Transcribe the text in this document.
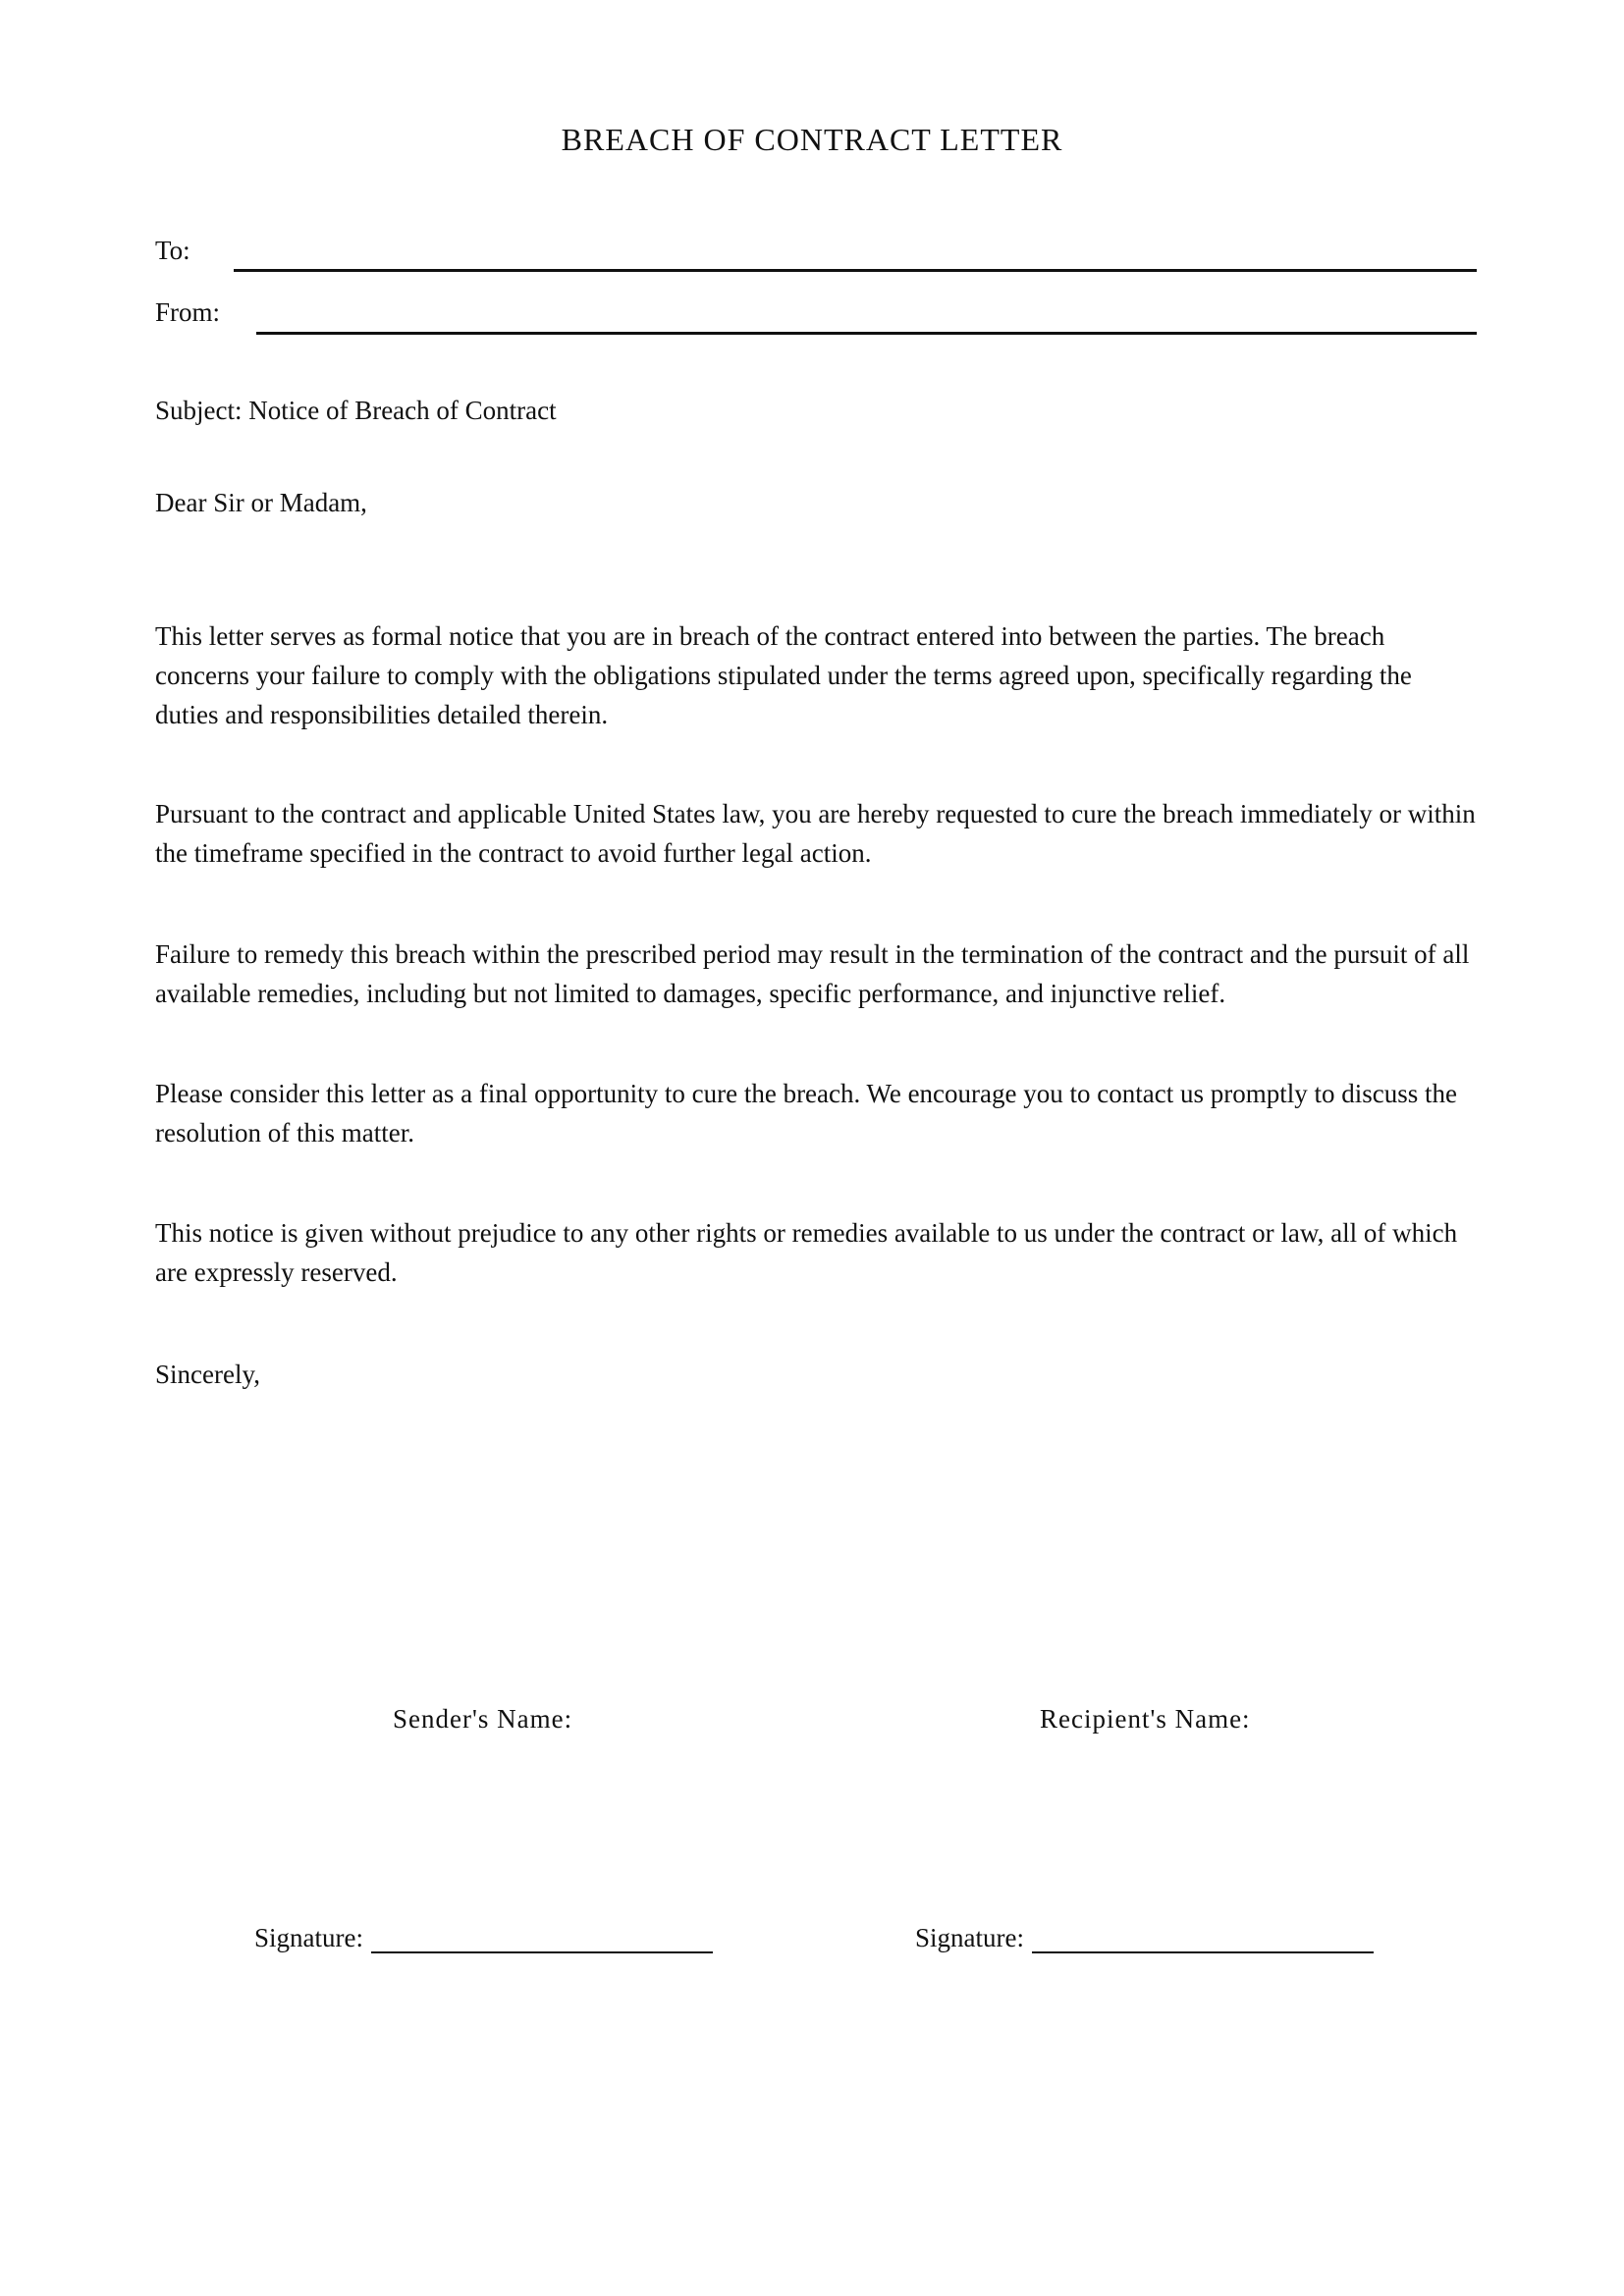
BREACH OF CONTRACT LETTER
To:
From:

Subject: Notice of Breach of Contract

Dear Sir or Madam,

This letter serves as formal notice that you are in breach of the contract entered into between the parties. The breach concerns your failure to comply with the obligations stipulated under the terms agreed upon, specifically regarding the duties and responsibilities detailed therein.

Pursuant to the contract and applicable United States law, you are hereby requested to cure the breach immediately or within the timeframe specified in the contract to avoid further legal action.

Failure to remedy this breach within the prescribed period may result in the termination of the contract and the pursuit of all available remedies, including but not limited to damages, specific performance, and injunctive relief.

Please consider this letter as a final opportunity to cure the breach. We encourage you to contact us promptly to discuss the resolution of this matter.

This notice is given without prejudice to any other rights or remedies available to us under the contract or law, all of which are expressly reserved.

Sincerely,

Sender's Name:	Recipient's Name:
Signature:	Signature:
